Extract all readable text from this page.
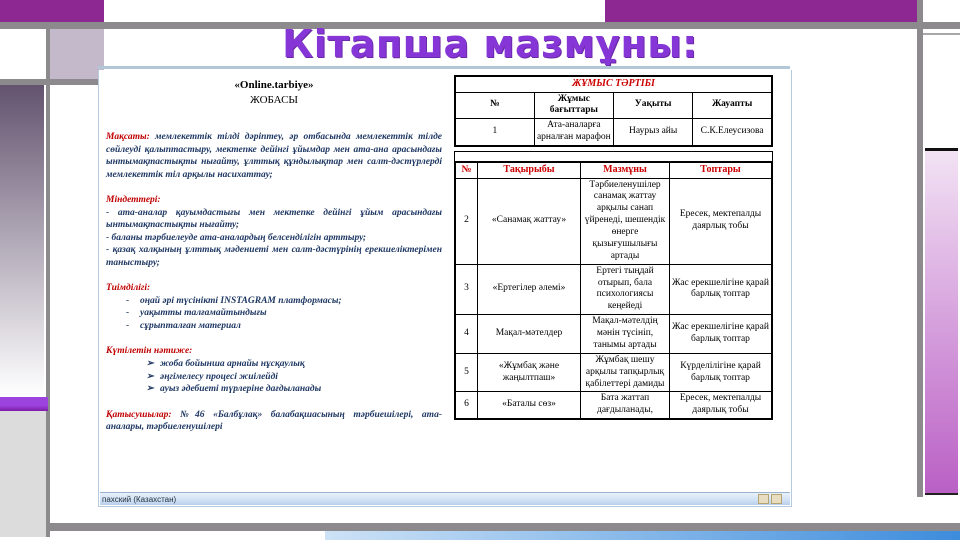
Кітапша мазмұны:
«Online.tarbiye»
ЖОБАСЫ

Мақсаты: мемлекеттік тілді дәріптеу, әр отбасында мемлекеттік тілде сөйлеуді қалыптастыру, мектепке дейінгі ұйымдар мен ата-ана арасындағы ынтымақтастықты нығайту, ұлттық құндылықтар мен салт-дәстүрлерді мемлекеттік тіл арқылы насихаттау;

Міндеттері:
- ата-аналар қауымдастығы мен мектепке дейінгі ұйым арасындағы ынтымақтастықты нығайту;
- баланы тәрбиелеуде ата-аналардың белсенділігін арттыру;
- қазақ халқының ұлттық мәдениеті мен салт-дәстүрінің ерекшеліктерімен таныстыру;
Тиімділігі:
-	оңай әрі түсінікті INSTAGRAM платформасы;
-	уақытты талғамайтындығы
-	сұрыпталған материал
Күтілетін нәтиже:
➢ жоба бойынша арнайы нұсқаулық
➢ әңгімелесу процесі жиілейді
➢ ауыз әдебиеті түрлеріне дағдыланады

Қатысушылар: №46 «Балбұлақ» балабақшасының тәрбиешілері, ата-аналары, тәрбиеленушілері

ЖҰМЫС ТӘРТІБІ			
№	Жұмыс бағыттары	Уақыты	Жауапты
1	Ата-аналарға арналған марафон	Наурыз айы	С.К.Елеусизова
№	Тақырыбы	Мазмұны	Топтары
2	«Санамақ жаттау»	Тәрбиеленушілер санамақ жаттау арқылы санап үйренеді, шешендік өнерге қызығушылығы артады	Ересек, мектепалды даярлық тобы
3	«Ертегілер әлемі»	Ертегі тыңдай отырып, бала психологиясы кеңейеді	Жас ерекшелігіне қарай барлық топтар
4	Мақал-мәтелдер	Мақал-мәтелдің мәнін түсініп, танымы артады	Жас ерекшелігіне қарай барлық топтар
5	«Жұмбақ және жаңылтпаш»	Жұмбақ шешу арқылы тапқырлық қабілеттері дамиды	Күрделілігіне қарай барлық топтар
6	«Баталы сөз»	Бата жаттап дағдыланады,	Ересек, мектепалды даярлық тобы
пахский (Казахстан)
